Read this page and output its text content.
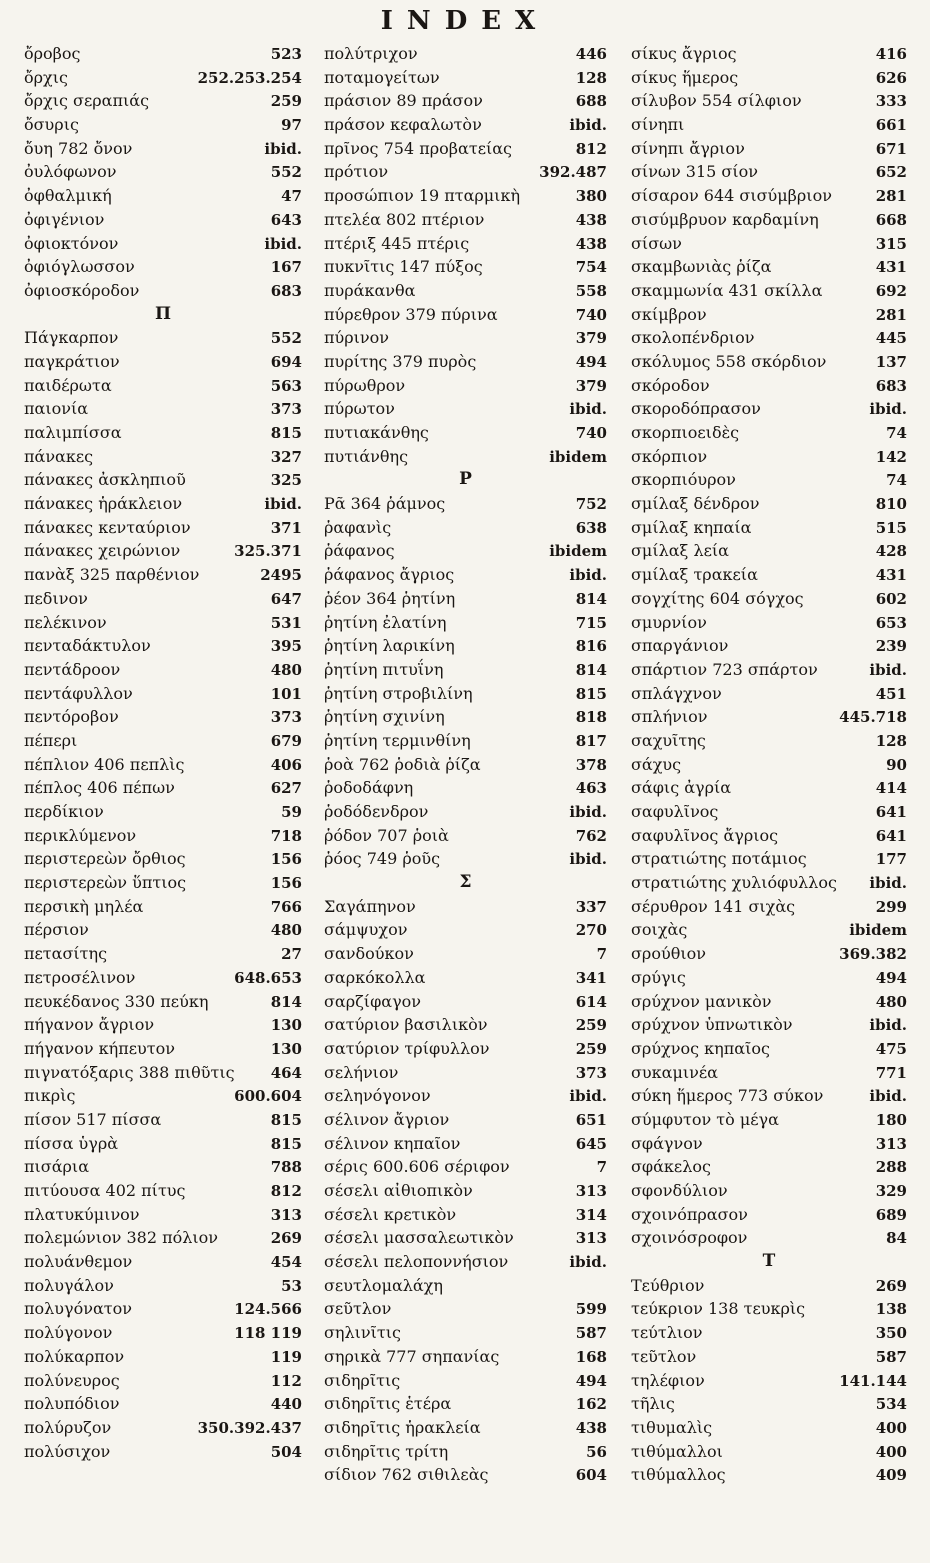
INDEX
ὄροβος	523
ὄρχις	252.253.254
ὄρχις σεραπιάς	259
ὄσυρις	97
ὄυη 782 ὄνον	ibid.
ὀυλόφωνον	552
ὀφθαλμική	47
ὀφιγένιον	643
ὀφιοκτόνον	ibid.
ὀφιόγλωσσον	167
ὀφιοσκόροδον	683
Π
Πάγκαρπον	552
παγκράτιον	694
παιδέρωτα	563
παιονία	373
παλιμπίσσα	815
πάνακες	327
πάνακες ἀσκληπιοῦ	325
πάνακες ἡράκλειον	ibid.
πάνακες κενταύριον	371
πάνακες χειρώνιον	325.371
πανὰξ 325 παρθένιον	2495
πεδινον	647
πελέκινον	531
πενταδάκτυλον	395
πεντάδροον	480
πεντάφυλλον	101
πεντόροβον	373
πέπερι	679
πέπλιον 406 πεπλὶς	406
πέπλος 406 πέπων	627
περδίκιον	59
περικλύμενον	718
περιστερεὼν ὄρθιος	156
περιστερεὼν ὕπτιος	156
περσικὴ μηλέα	766
πέρσιον	480
πετασίτης	27
πετροσέλινον	648.653
πευκέδανος 330 πεύκη	814
πήγανον ἄγριον	130
πήγανον κήπευτον	130
πιγνατόξαρις 388 πιθῦτις 464
πικρὶς	600.604
πίσον 517 πίσσα	815
πίσσα ὑγρὰ	815
πισάρια	788
πιτύουσα 402 πίτυς	812
πλατυκύμινον	313
πολεμώνιον 382 πόλιον	269
πολυάνθεμον	454
πολυγάλον	53
πολυγόνατον	124.566
πολύγονον	118 119
πολύκαρπον	119
πολύνευρος	112
πολυπόδιον	440
πολύρυζον	350.392.437
πολύσιχον	504
πολύτριχον	446
ποταμογείτων	128
πράσιον 89 πράσον	688
πράσον κεφαλωτὸν	ibid.
πρῖνος 754 προβατείας	812
πρότιον	392.487
προσώπιον 19 πταρμικὴ	380
πτελέα 802 πτέριον	438
πτέριξ 445 πτέρις	438
πυκνῖτις 147 πύξος	754
πυράκανθα	558
πύρεθρον 379 πύρινα	740
πύρινον	379
πυρίτης 379 πυρὸς	494
πύρωθρον	379
πύρωτον	ibid.
πυτιακάνθης	740
πυτιάνθης	ibidem
Ρ
Ρᾶ 364 ῥάμνος	752
ῥαφανὶς	638
ῥάφανος	ibidem
ῥάφανος ἄγριος	ibid.
ῥέον 364 ῥητίνη	814
ῥητίνη ἐλατίνη	715
ῥητίνη λαρικίνη	816
ῥητίνη πιτυΐνη	814
ῥητίνη στροβιλίνη	815
ῥητίνη σχινίνη	818
ῥητίνη τερμινθίνη	817
ῥοὰ 762 ῥοδιὰ ῥίζα	378
ῥοδοδάφνη	463
ῥοδόδενδρον	ibid.
ῥόδον 707 ῥοιὰ	762
ῥόος 749 ῥοῦς	ibid.
Σ
Σαγάπηνον	337
σάμψυχον	270
σανδούκον	7
σαρκόκολλα	341
σαρζίφαγον	614
σατύριον βασιλικὸν	259
σατύριον τρίφυλλον	259
σελήνιον	373
σεληνόγονον	ibid.
σέλινον ἄγριον	651
σέλινον κηπαῖον	645
σέρις 600.606 σέριφον	7
σέσελι αἰθιοπικὸν	313
σέσελι κρετικὸν	314
σέσελι μασσαλεωτικὸν	313
σέσελι πελοποννήσιον	ibid.
σευτλομαλάχη
σεῦτλον	599
σηλινῖτις	587
σηρικὰ 777 σηπανίας	168
σιδηρῖτις	494
σιδηρῖτις ἑτέρα	162
σιδηρῖτις ἡρακλεία	438
σιδηρῖτις τρίτη	56
σίδιον 762 σιθιλεὰς	604
σίκυς ἄγριος	416
σίκυς ἥμερος	626
σίλυβον 554 σίλφιον	333
σίνηπι	661
σίνηπι ἄγριον	671
σίνων 315 σίον	652
σίσαρον 644 σισύμβριον	281
σισύμβρυον καρδαμίνη	668
σίσων	315
σκαμβωνιὰς ῥίζα	431
σκαμμωνία 431 σκίλλα	692
σκίμβρον	281
σκολοπένδριον	445
σκόλυμος 558 σκόρδιον	137
σκόροδον	683
σκοροδόπρασον	ibid.
σκορπιοειδὲς	74
σκόρπιον	142
σκορπιόυρον	74
σμίλαξ δένδρον	810
σμίλαξ κηπαία	515
σμίλαξ λεία	428
σμίλαξ τρακεία	431
σογχίτης 604 σόγχος	602
σμυρνίον	653
σπαργάνιον	239
σπάρτιον 723 σπάρτον	ibid.
σπλάγχνον	451
σπλήνιον	445.718
σαχυῖτης	128
σάχυς	90
σάφις ἀγρία	414
σαφυλῖνος	641
σαφυλῖνος ἄγριος	641
στρατιώτης ποτάμιος	177
στρατιώτης χυλιόφυλλος ibid.
σέρυθρον 141 σιχὰς	299
σοιχὰς	ibidem
σρούθιον	369.382
σρύγις	494
σρύχνον μανικὸν	480
σρύχνον ὑπνωτικὸν	ibid.
σρύχνος κηπαῖος	475
συκαμινέα	771
σύκη ἥμερος 773 σύκον	ibid.
σύμφυτον τὸ μέγα	180
σφάγνον	313
σφάκελος	288
σφονδύλιον	329
σχοινόπρασον	689
σχοινόσροφον	84
Τ
Τεύθριον	269
τεύκριον 138 τευκρὶς	138
τεύτλιον	350
τεῦτλον	587
τηλέφιον	141.144
τῆλις	534
τιθυμαλὶς	400
τιθύμαλλοι	400
τιθύμαλλος	409
